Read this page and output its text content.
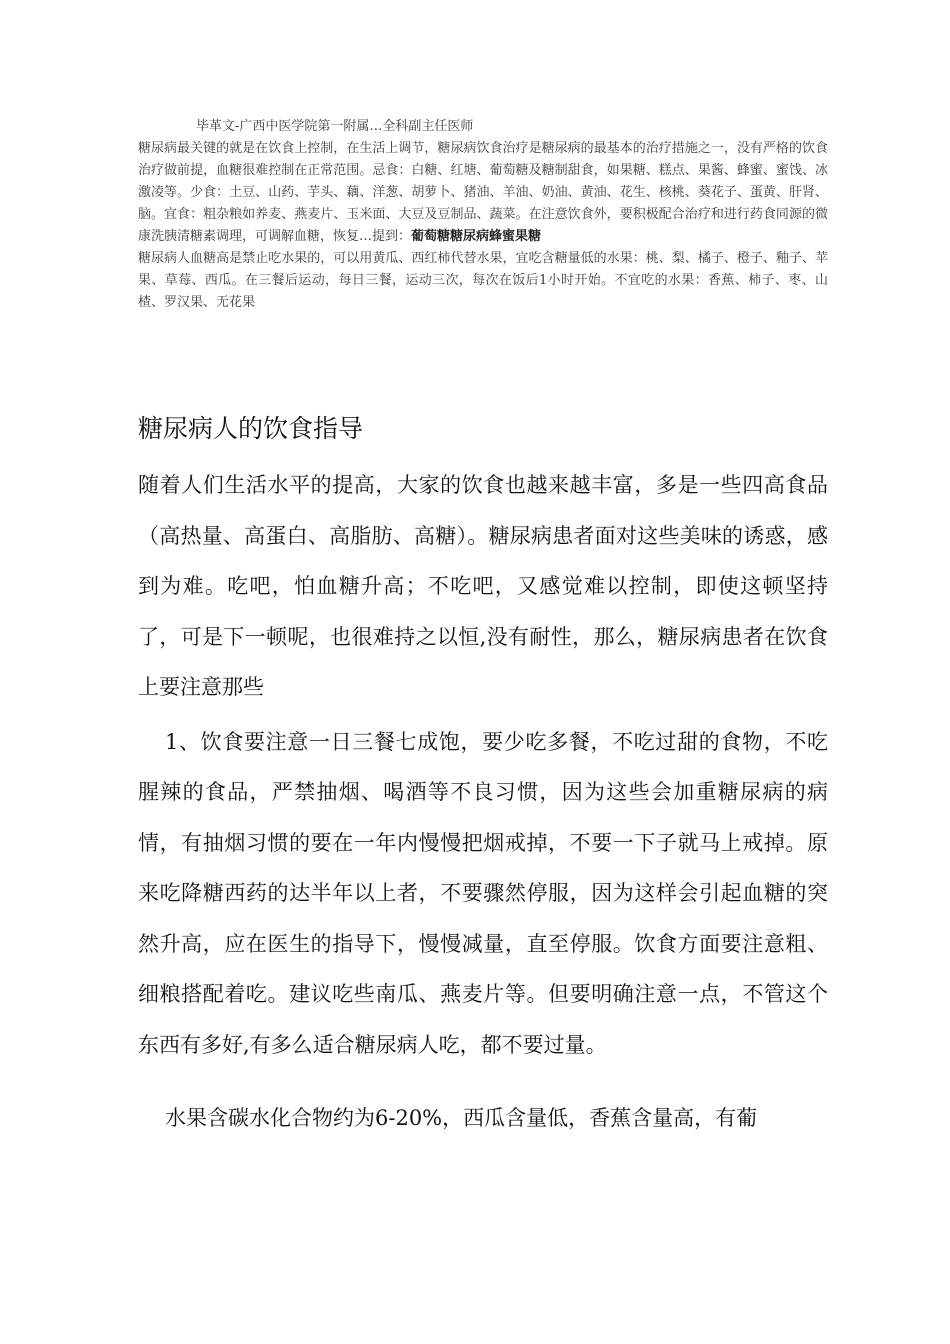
毕革文-广西中医学院第一附属…全科副主任医师

糖尿病最关键的就是在饮食上控制，在生活上调节，糖尿病饮食治疗是糖尿病的最基本的治疗措施之一，没有严格的饮食治疗做前提，血糖很难控制在正常范围。忌食：白糖、红塘、葡萄糖及糖制甜食，如果糖、糕点、果酱、蜂蜜、蜜饯、冰激凌等。少食：土豆、山药、芋头、藕、洋葱、胡萝卜、猪油、羊油、奶油、黄油、花生、核桃、葵花子、蛋黄、肝肾、脑。宜食：粗杂粮如养麦、燕麦片、玉米面、大豆及豆制品、蔬菜。在注意饮食外，要积极配合治疗和进行药食同源的微康洗胰清糖素调理，可调解血糖，恢复…提到：葡萄糖糖尿病蜂蜜果糖

糖尿病人血糖高是禁止吃水果的，可以用黄瓜、西红柿代替水果，宜吃含糖量低的水果：桃、梨、橘子、橙子、釉子、苹果、草莓、西瓜。在三餐后运动，每日三餐，运动三次，每次在饭后1小时开始。不宜吃的水果：香蕉、柿子、枣、山楂、罗汉果、无花果

糖尿病人的饮食指导

随着人们生活水平的提高，大家的饮食也越来越丰富，多是一些四高食品（高热量、高蛋白、高脂肪、高糖）。糖尿病患者面对这些美味的诱惑，感到为难。吃吧，怕血糖升高；不吃吧，又感觉难以控制，即使这顿坚持了，可是下一顿呢，也很难持之以恒,没有耐性，那么，糖尿病患者在饮食上要注意那些

1、饮食要注意一日三餐七成饱，要少吃多餐，不吃过甜的食物，不吃腥辣的食品，严禁抽烟、喝酒等不良习惯，因为这些会加重糖尿病的病情，有抽烟习惯的要在一年内慢慢把烟戒掉，不要一下子就马上戒掉。原来吃降糖西药的达半年以上者，不要骤然停服，因为这样会引起血糖的突然升高，应在医生的指导下，慢慢减量，直至停服。饮食方面要注意粗、细粮搭配着吃。建议吃些南瓜、燕麦片等。但要明确注意一点，不管这个东西有多好,有多么适合糖尿病人吃，都不要过量。

水果含碳水化合物约为6-20%，西瓜含量低，香蕉含量高，有葡
